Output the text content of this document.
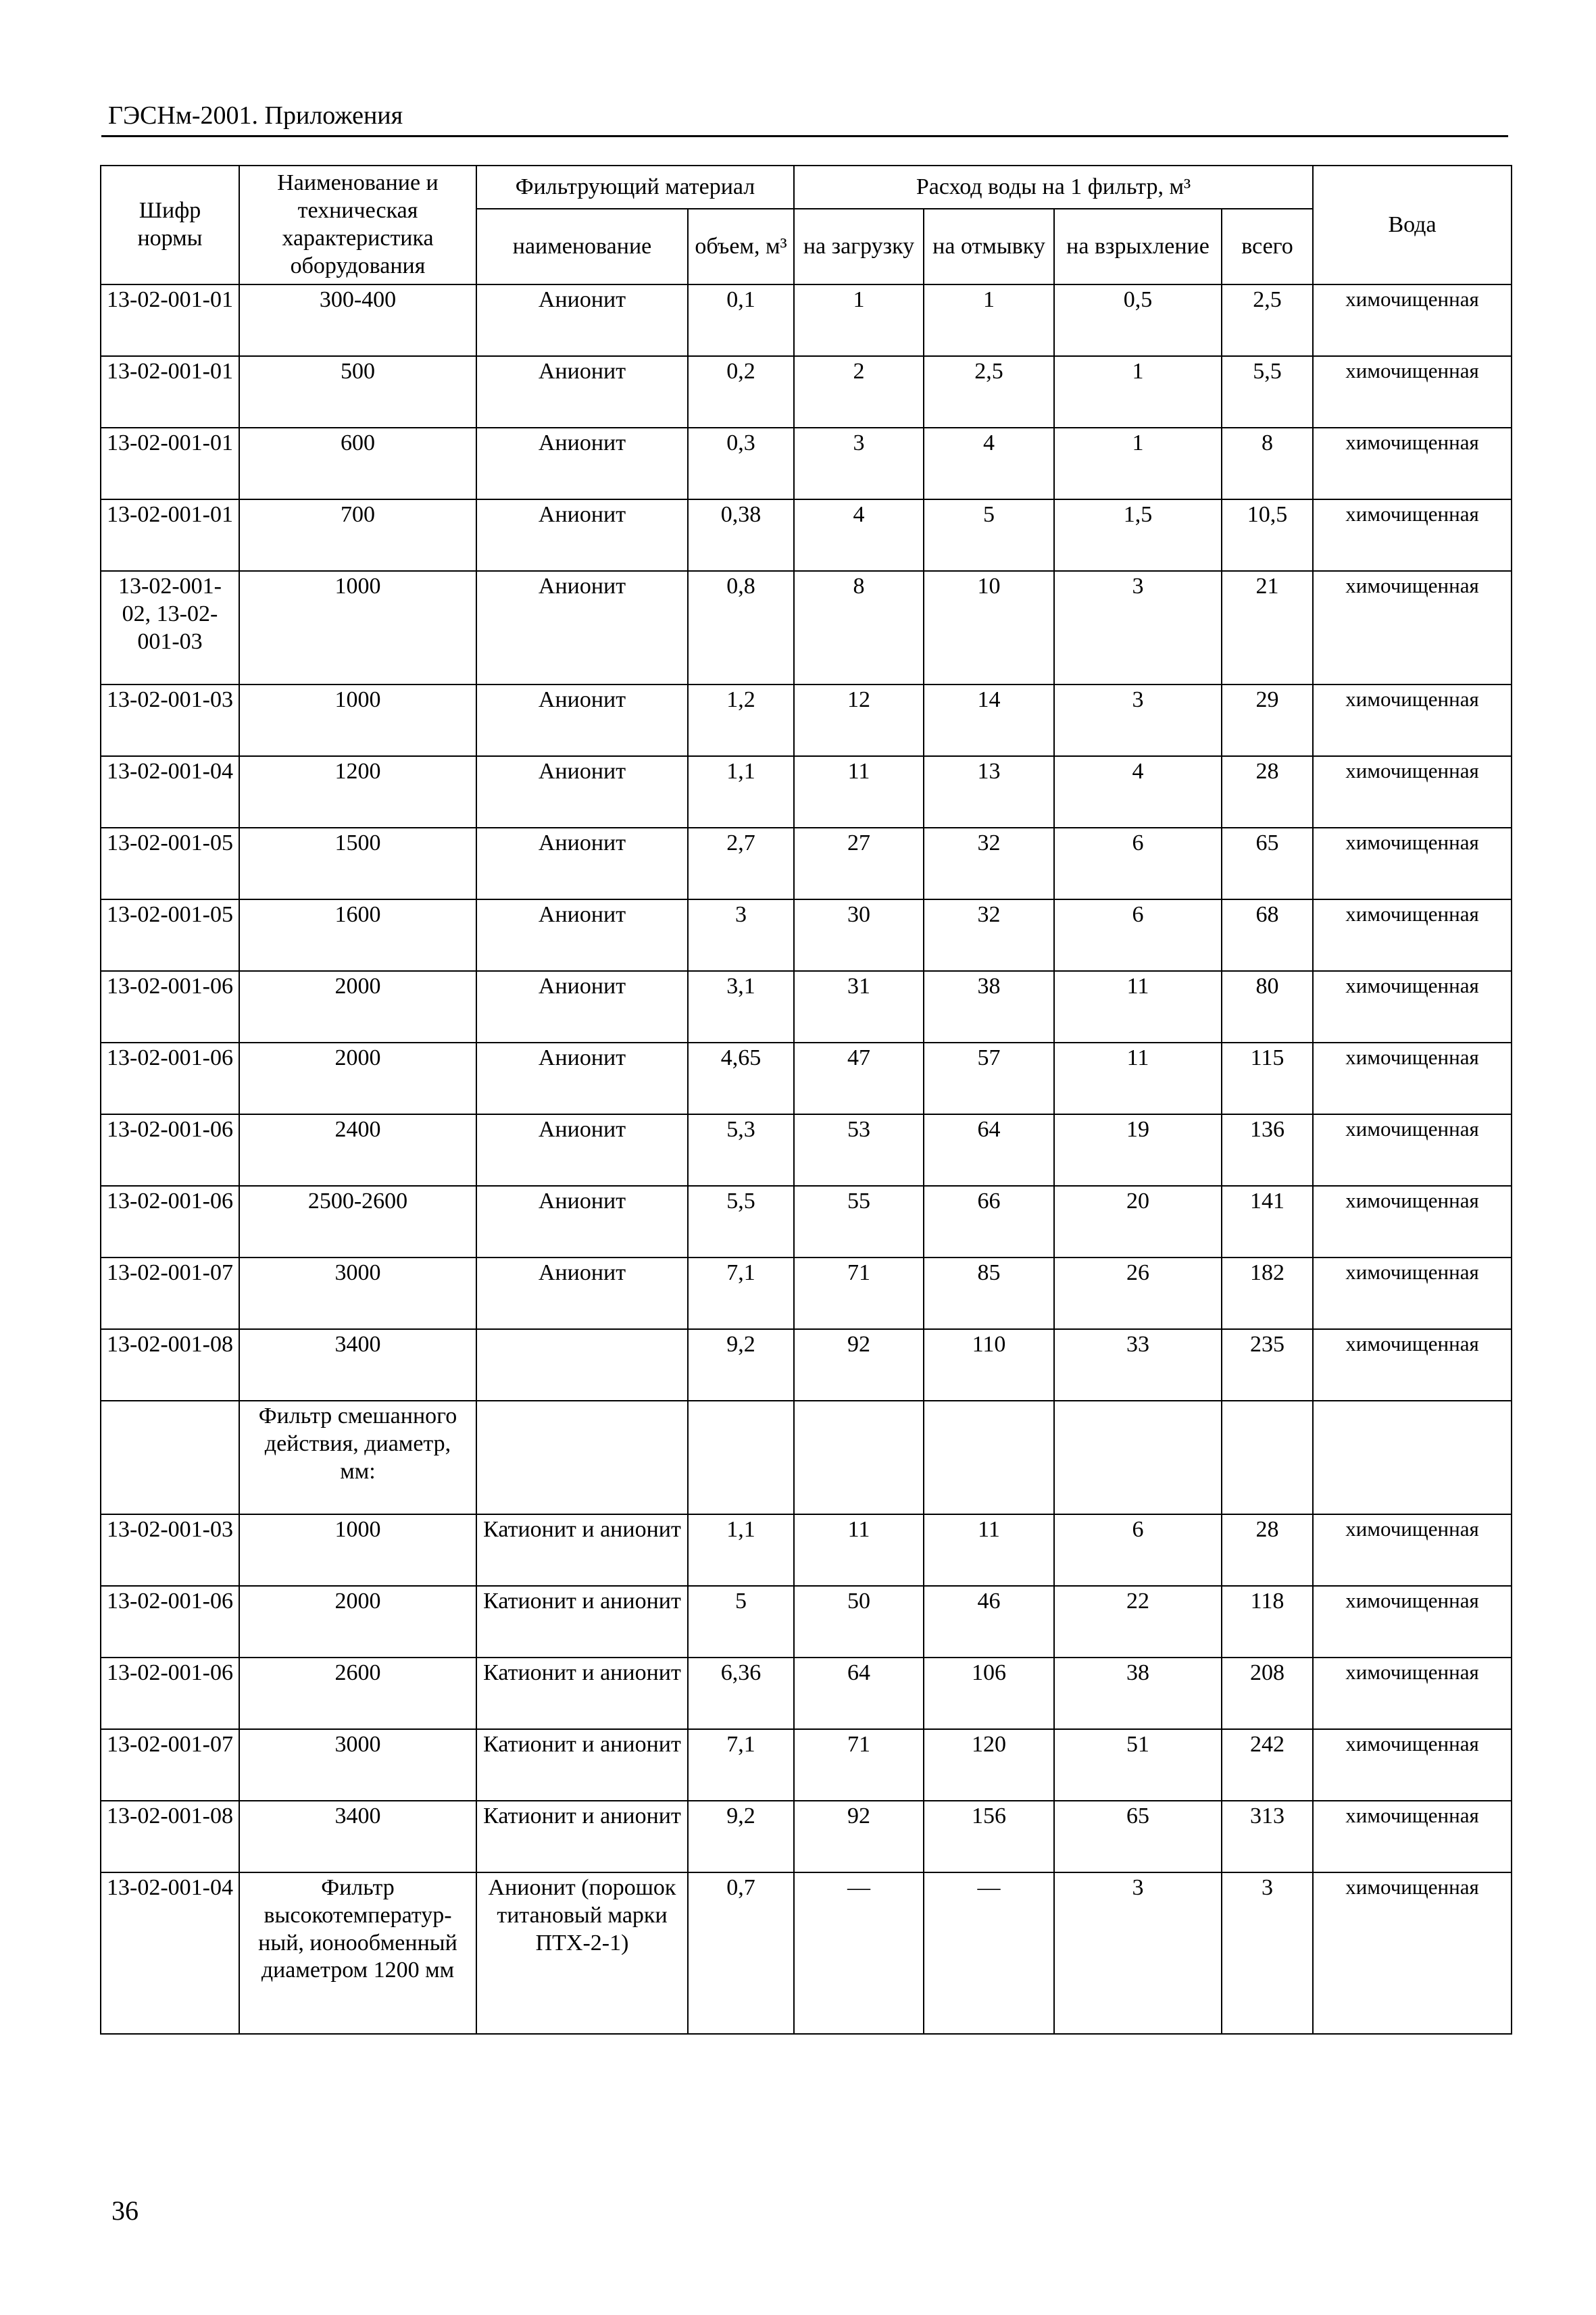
ГЭСНм-2001. Приложения
Шифр нормы	Наименование и техническая характеристика оборудования	Фильтрующий материал		Расход воды на 1 фильтр, м³				Вода
		наименование	объем, м³	на загрузку	на отмывку	на взрыхление	всего	
13-02-001-01	300-400	Анионит	0,1	1	1	0,5	2,5	химочищенная
13-02-001-01	500	Анионит	0,2	2	2,5	1	5,5	химочищенная
13-02-001-01	600	Анионит	0,3	3	4	1	8	химочищенная
13-02-001-01	700	Анионит	0,38	4	5	1,5	10,5	химочищенная
13-02-001-02, 13-02-001-03	1000	Анионит	0,8	8	10	3	21	химочищенная
13-02-001-03	1000	Анионит	1,2	12	14	3	29	химочищенная
13-02-001-04	1200	Анионит	1,1	11	13	4	28	химочищенная
13-02-001-05	1500	Анионит	2,7	27	32	6	65	химочищенная
13-02-001-05	1600	Анионит	3	30	32	6	68	химочищенная
13-02-001-06	2000	Анионит	3,1	31	38	11	80	химочищенная
13-02-001-06	2000	Анионит	4,65	47	57	11	115	химочищенная
13-02-001-06	2400	Анионит	5,3	53	64	19	136	химочищенная
13-02-001-06	2500-2600	Анионит	5,5	55	66	20	141	химочищенная
13-02-001-07	3000	Анионит	7,1	71	85	26	182	химочищенная
13-02-001-08	3400		9,2	92	110	33	235	химочищенная
	Фильтр смешанного действия, диаметр, мм:							
13-02-001-03	1000	Катионит и анионит	1,1	11	11	6	28	химочищенная
13-02-001-06	2000	Катионит и анионит	5	50	46	22	118	химочищенная
13-02-001-06	2600	Катионит и анионит	6,36	64	106	38	208	химочищенная
13-02-001-07	3000	Катионит и анионит	7,1	71	120	51	242	химочищенная
13-02-001-08	3400	Катионит и анионит	9,2	92	156	65	313	химочищенная
13-02-001-04	Фильтр высокотемператур-ный, ионообменный диаметром 1200 мм	Анионит (порошок титановый марки ПТХ-2-1)	0,7	—	—	3	3	химочищенная
36
